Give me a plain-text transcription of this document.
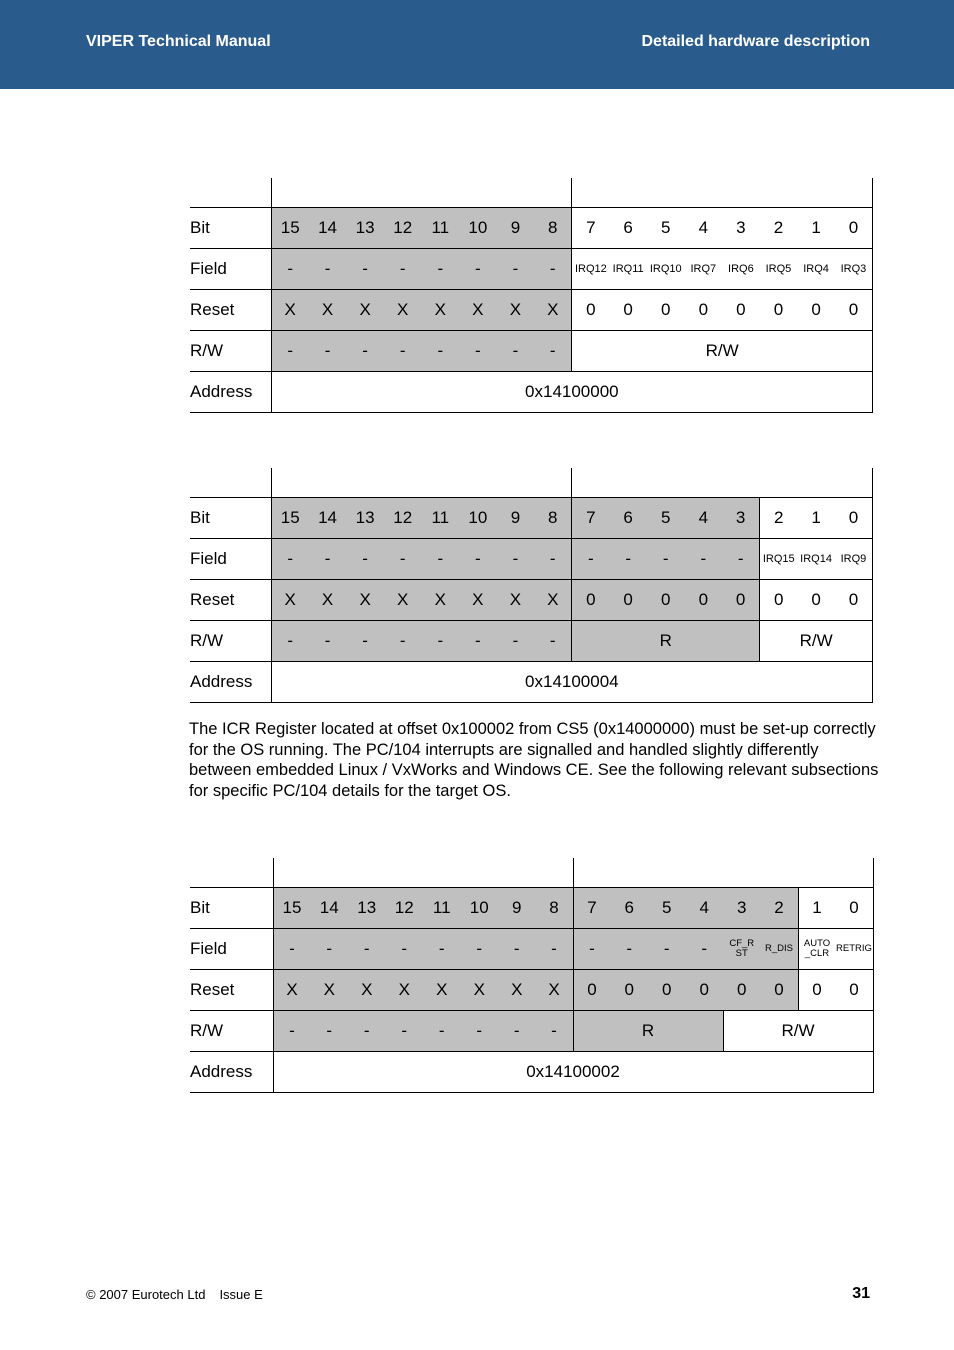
VIPER Technical Manual	Detailed hardware description

Bit	15	14	13	12	11	10	9	8	7	6	5	4	3	2	1	0
Field	-	-	-	-	-	-	-	-	IRQ12	IRQ11	IRQ10	IRQ7	IRQ6	IRQ5	IRQ4	IRQ3
Reset	X	X	X	X	X	X	X	X	0	0	0	0	0	0	0	0
R/W	-	-	-	-	-	-	-	-	R/W							
Address	0x14100000															

Bit	15	14	13	12	11	10	9	8	7	6	5	4	3	2	1	0
Field	-	-	-	-	-	-	-	-	-	-	-	-	-	IRQ15	IRQ14	IRQ9
Reset	X	X	X	X	X	X	X	X	0	0	0	0	0	0	0	0
R/W	-	-	-	-	-	-	-	-	R					R/W		
Address	0x14100004															

The ICR Register located at offset 0x100002 from CS5 (0x14000000) must be set-up correctly for the OS running. The PC/104 interrupts are signalled and handled slightly differently between embedded Linux / VxWorks and Windows CE. See the following relevant subsections for specific PC/104 details for the target OS.

Bit	15	14	13	12	11	10	9	8	7	6	5	4	3	2	1	0
Field	-	-	-	-	-	-	-	-	-	-	-	-	CF_RST	R_DIS	AUTO_CLR	RETRIG
Reset	X	X	X	X	X	X	X	X	0	0	0	0	0	0	0	0
R/W	-	-	-	-	-	-	-	-	R				R/W			
Address	0x14100002															
© 2007 Eurotech Ltd Issue E	31
